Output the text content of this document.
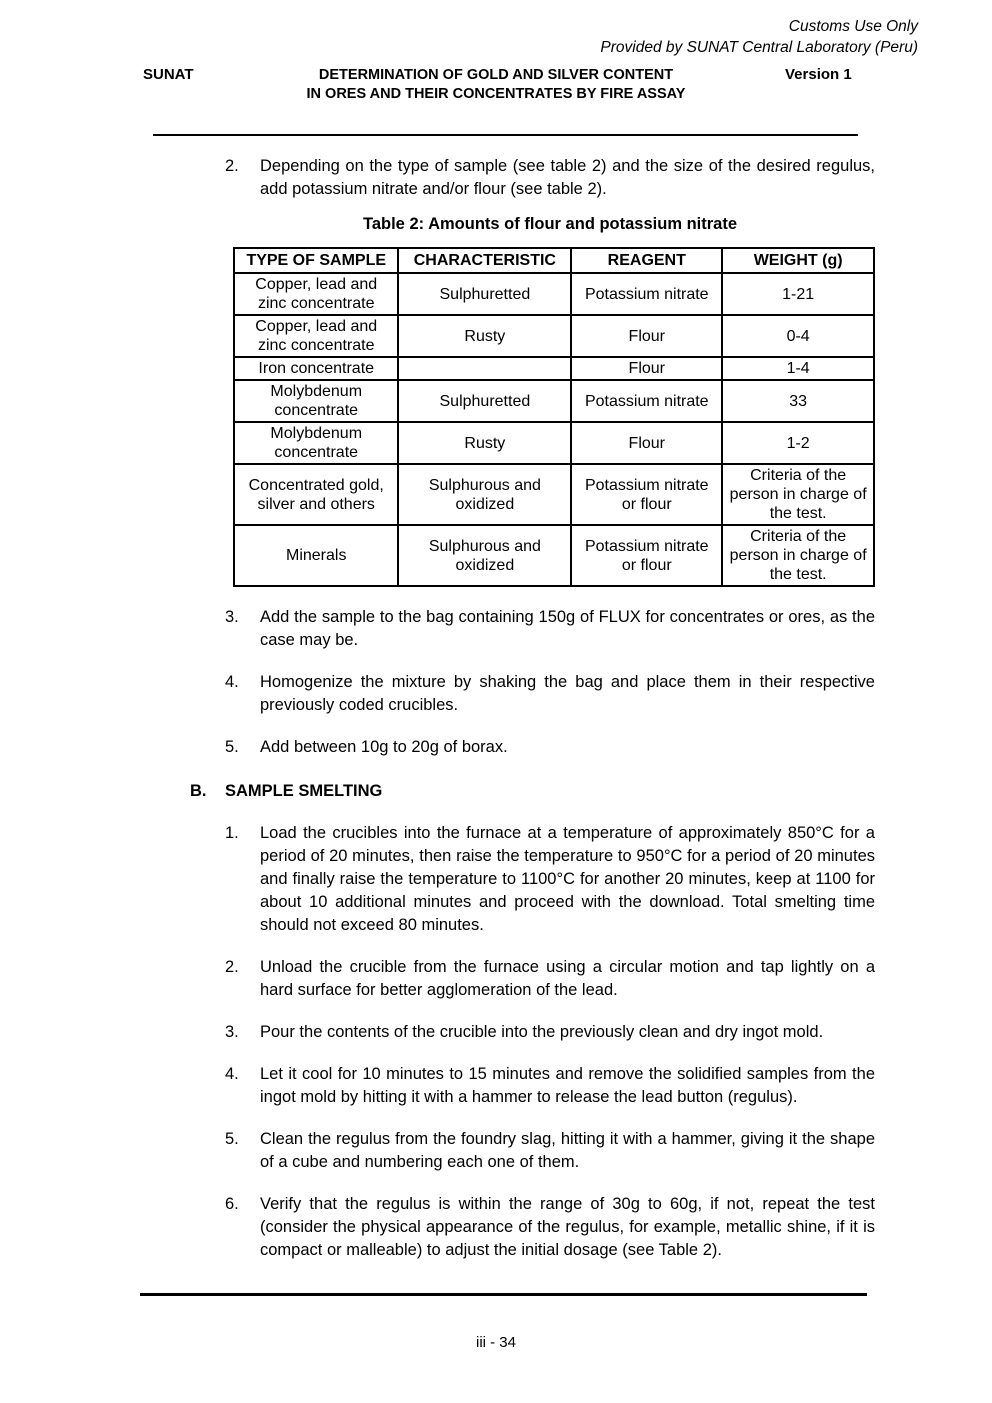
Customs Use Only
Provided by SUNAT Central Laboratory (Peru)
SUNAT	DETERMINATION OF GOLD AND SILVER CONTENT
IN ORES AND THEIR CONCENTRATES BY FIRE ASSAY
Version 1
2.	Depending on the type of sample (see table 2) and the size of the desired regulus, add potassium nitrate and/or flour (see table 2).
Table 2: Amounts of flour and potassium nitrate
TYPE OF SAMPLE	CHARACTERISTIC	REAGENT	WEIGHT (g)
Copper, lead and zinc concentrate	Sulphuretted	Potassium nitrate	1-21
Copper, lead and zinc concentrate	Rusty	Flour	0-4
Iron concentrate		Flour	1-4
Molybdenum concentrate	Sulphuretted	Potassium nitrate	33
Molybdenum concentrate	Rusty	Flour	1-2
Concentrated gold, silver and others	Sulphurous and oxidized	Potassium nitrate or flour	Criteria of the person in charge of the test.
Minerals	Sulphurous and oxidized	Potassium nitrate or flour	Criteria of the person in charge of the test.
3.	Add the sample to the bag containing 150g of FLUX for concentrates or ores, as the case may be.
4.	Homogenize the mixture by shaking the bag and place them in their respective previously coded crucibles.
5.	Add between 10g to 20g of borax.
B.	SAMPLE SMELTING
1.	Load the crucibles into the furnace at a temperature of approximately 850°C for a period of 20 minutes, then raise the temperature to 950°C for a period of 20 minutes and finally raise the temperature to 1100°C for another 20 minutes, keep at 1100 for about 10 additional minutes and proceed with the download. Total smelting time should not exceed 80 minutes.
2.	Unload the crucible from the furnace using a circular motion and tap lightly on a hard surface for better agglomeration of the lead.
3.	Pour the contents of the crucible into the previously clean and dry ingot mold.
4.	Let it cool for 10 minutes to 15 minutes and remove the solidified samples from the ingot mold by hitting it with a hammer to release the lead button (regulus).
5.	Clean the regulus from the foundry slag, hitting it with a hammer, giving it the shape of a cube and numbering each one of them.
6.	Verify that the regulus is within the range of 30g to 60g, if not, repeat the test (consider the physical appearance of the regulus, for example, metallic shine, if it is compact or malleable) to adjust the initial dosage (see Table 2).
iii - 34
